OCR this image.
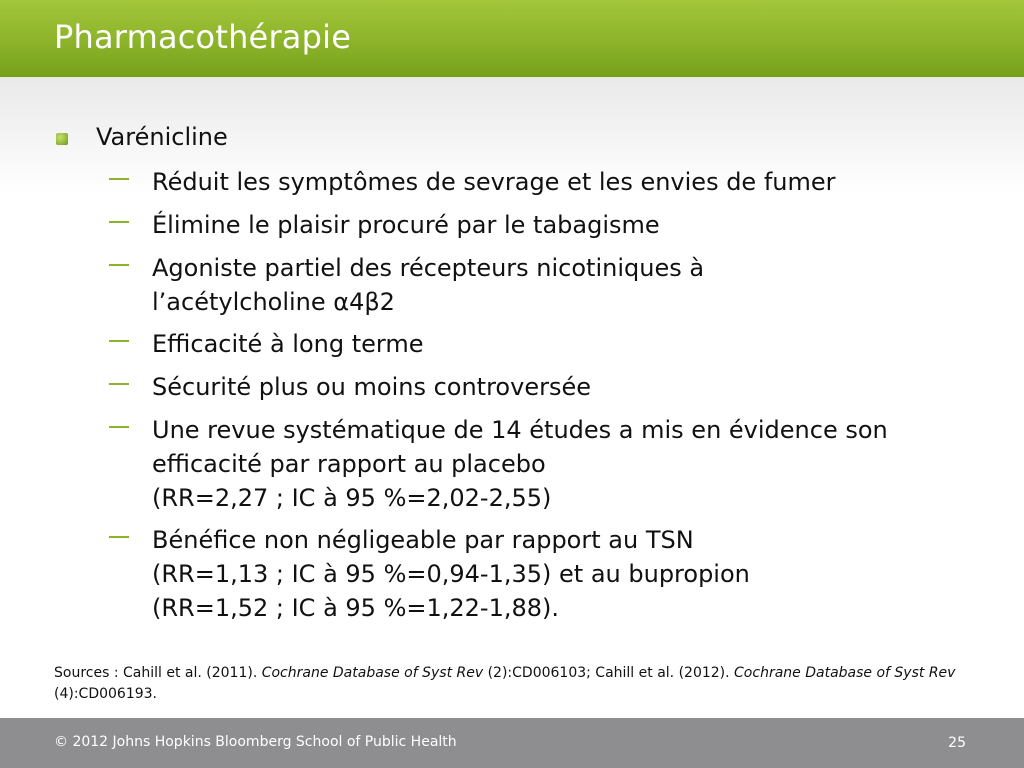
Pharmacothérapie
Varénicline
Réduit les symptômes de sevrage et les envies de fumer
Élimine le plaisir procuré par le tabagisme
Agoniste partiel des récepteurs nicotiniques à
l’acétylcholine α4β2
Efficacité à long terme
Sécurité plus ou moins controversée
Une revue systématique de 14 études a mis en évidence son
efficacité par rapport au placebo
(RR=2,27 ; IC à 95 %=2,02-2,55)
Bénéfice non négligeable par rapport au TSN
(RR=1,13 ; IC à 95 %=0,94-1,35) et au bupropion
(RR=1,52 ; IC à 95 %=1,22-1,88).
Sources : Cahill et al. (2011). Cochrane Database of Syst Rev (2):CD006103; Cahill et al. (2012). Cochrane Database of Syst Rev (4):CD006193.
© 2012 Johns Hopkins Bloomberg School of Public Health	25
